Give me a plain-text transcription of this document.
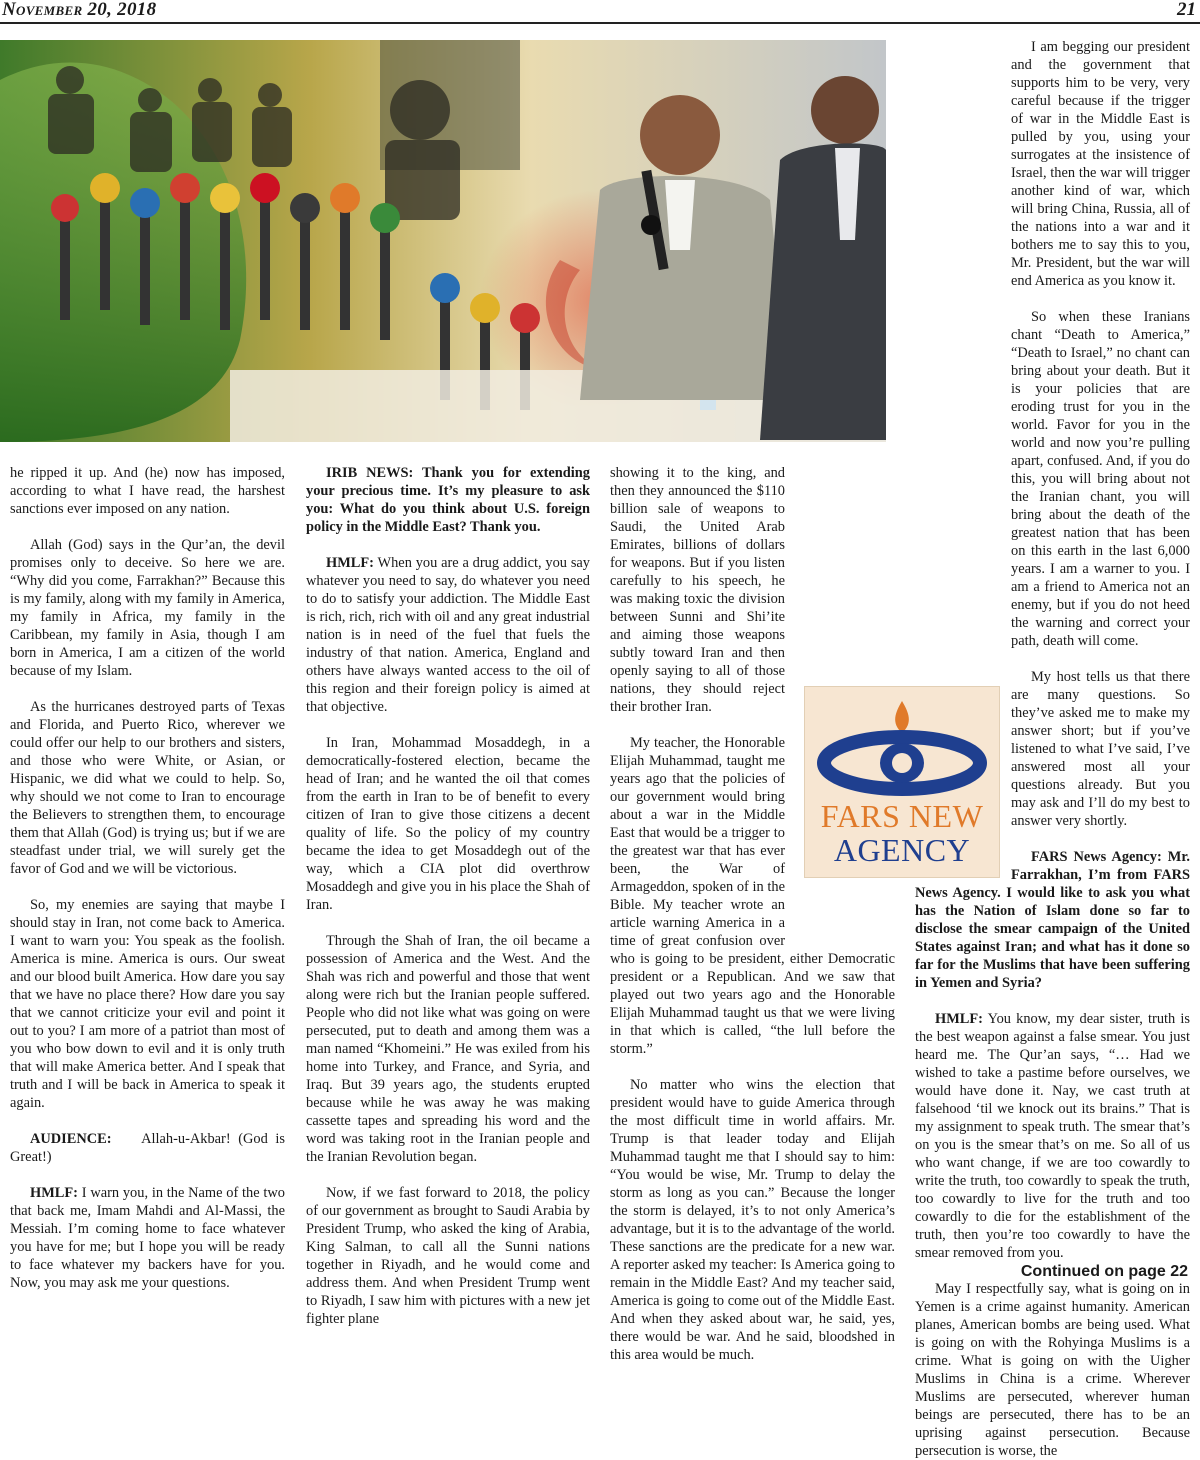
November 20, 2018	21

he ripped it up. And (he) now has imposed, according to what I have read, the harshest sanctions ever imposed on any nation.

Allah (God) says in the Qur’an, the devil promises only to deceive. So here we are. “Why did you come, Farrakhan?” Because this is my family, along with my family in America, my family in Africa, my family in the Caribbean, my family in Asia, though I am born in America, I am a citizen of the world because of my Islam.

As the hurricanes destroyed parts of Texas and Florida, and Puerto Rico, wherever we could offer our help to our brothers and sisters, and those who were White, or Asian, or Hispanic, we did what we could to help. So, why should we not come to Iran to encourage the Believers to strengthen them, to encourage them that Allah (God) is trying us; but if we are steadfast under trial, we will surely get the favor of God and we will be victorious.

So, my enemies are saying that maybe I should stay in Iran, not come back to America. I want to warn you: You speak as the foolish. America is mine. America is ours. Our sweat and our blood built America. How dare you say that we have no place there? How dare you say that we cannot criticize your evil and point it out to you? I am more of a patriot than most of you who bow down to evil and it is only truth that will make America better. And I speak that truth and I will be back in America to speak it again.

AUDIENCE: Allah-u-Akbar! (God is Great!)

HMLF: I warn you, in the Name of the two that back me, Imam Mahdi and Al-Massi, the Messiah. I’m coming home to face whatever you have for me; but I hope you will be ready to face whatever my backers have for you. Now, you may ask me your questions.

IRIB NEWS: Thank you for extending your precious time. It’s my pleasure to ask you: What do you think about U.S. foreign policy in the Middle East? Thank you.

HMLF: When you are a drug addict, you say whatever you need to say, do whatever you need to do to satisfy your addiction. The Middle East is rich, rich, rich with oil and any great industrial nation is in need of the fuel that fuels the industry of that nation. America, England and others have always wanted access to the oil of this region and their foreign policy is aimed at that objective.

In Iran, Mohammad Mosaddegh, in a democratically-fostered election, became the head of Iran; and he wanted the oil that comes from the earth in Iran to be of benefit to every citizen of Iran to give those citizens a decent quality of life. So the policy of my country became the idea to get Mosaddegh out of the way, which a CIA plot did overthrow Mosaddegh and give you in his place the Shah of Iran.

Through the Shah of Iran, the oil became a possession of America and the West. And the Shah was rich and powerful and those that went along were rich but the Iranian people suffered. People who did not like what was going on were persecuted, put to death and among them was a man named “Khomeini.” He was exiled from his home into Turkey, and France, and Syria, and Iraq. But 39 years ago, the students erupted because while he was away he was making cassette tapes and spreading his word and the word was taking root in the Iranian people and the Iranian Revolution began.

Now, if we fast forward to 2018, the policy of our government as brought to Saudi Arabia by President Trump, who asked the king of Arabia, King Salman, to call all the Sunni nations together in Riyadh, and he would come and address them. And when President Trump went to Riyadh, I saw him with pictures with a new jet fighter plane

showing it to the king, and then they announced the $110 billion sale of weapons to Saudi, the United Arab Emirates, billions of dollars for weapons. But if you listen carefully to his speech, he was making toxic the division between Sunni and Shi’ite and aiming those weapons subtly toward Iran and then openly saying to all of those nations, they should reject their brother Iran.

My teacher, the Honorable Elijah Muhammad, taught me years ago that the policies of our government would bring about a war in the Middle East that would be a trigger to the greatest war that has ever been, the War of Armageddon, spoken of in the Bible. My teacher wrote an article warning America in a time of great confusion over who is going to be president, either Democratic president or a Republican. And we saw that played out two years ago and the Honorable Elijah Muhammad taught us that we were living in that which is called, “the lull before the storm.”

No matter who wins the election that president would have to guide America through the most difficult time in world affairs. Mr. Trump is that leader today and Elijah Muhammad taught me that I should say to him: “You would be wise, Mr. Trump to delay the storm as long as you can.” Because the longer the storm is delayed, it’s to not only America’s advantage, but it is to the advantage of the world. These sanctions are the predicate for a new war. A reporter asked my teacher: Is America going to remain in the Middle East? And my teacher said, America is going to come out of the Middle East. And when they asked about war, he said, yes, there would be war. And he said, bloodshed in this area would be much.

FARS NEW
AGENCY

I am begging our president and the government that supports him to be very, very careful because if the trigger of war in the Middle East is pulled by you, using your surrogates at the insistence of Israel, then the war will trigger another kind of war, which will bring China, Russia, all of the nations into a war and it bothers me to say this to you, Mr. President, but the war will end America as you know it.

So when these Iranians chant “Death to America,” “Death to Israel,” no chant can bring about your death. But it is your policies that are eroding trust for you in the world. Favor for you in the world and now you’re pulling apart, confused. And, if you do this, you will bring about not the Iranian chant, you will bring about the death of the greatest nation that has been on this earth in the last 6,000 years. I am a warner to you. I am a friend to America not an enemy, but if you do not heed the warning and correct your path, death will come.

My host tells us that there are many questions. So they’ve asked me to make my answer short; but if you’ve listened to what I’ve said, I’ve answered most all your questions already. But you may ask and I’ll do my best to answer very shortly.

FARS News Agency: Mr. Farrakhan, I’m from FARS News Agency. I would like to ask you what has the Nation of Islam done so far to disclose the smear campaign of the United States against Iran; and what has it done so far for the Muslims that have been suffering in Yemen and Syria?

HMLF: You know, my dear sister, truth is the best weapon against a false smear. You just heard me. The Qur’an says, “… Had we wished to take a pastime before ourselves, we would have done it. Nay, we cast truth at falsehood ‘til we knock out its brains.” That is my assignment to speak truth. The smear that’s on you is the smear that’s on me. So all of us who want change, if we are too cowardly to write the truth, too cowardly to speak the truth, too cowardly to live for the truth and too cowardly to die for the establishment of the truth, then you’re too cowardly to have the smear removed from you.

May I respectfully say, what is going on in Yemen is a crime against humanity. American planes, American bombs are being used. What is going on with the Rohyinga Muslims is a crime. What is going on with the Uigher Muslims in China is a crime. Wherever Muslims are persecuted, wherever human beings are persecuted, there has to be an uprising against persecution. Because persecution is worse, the

Continued on page 22
